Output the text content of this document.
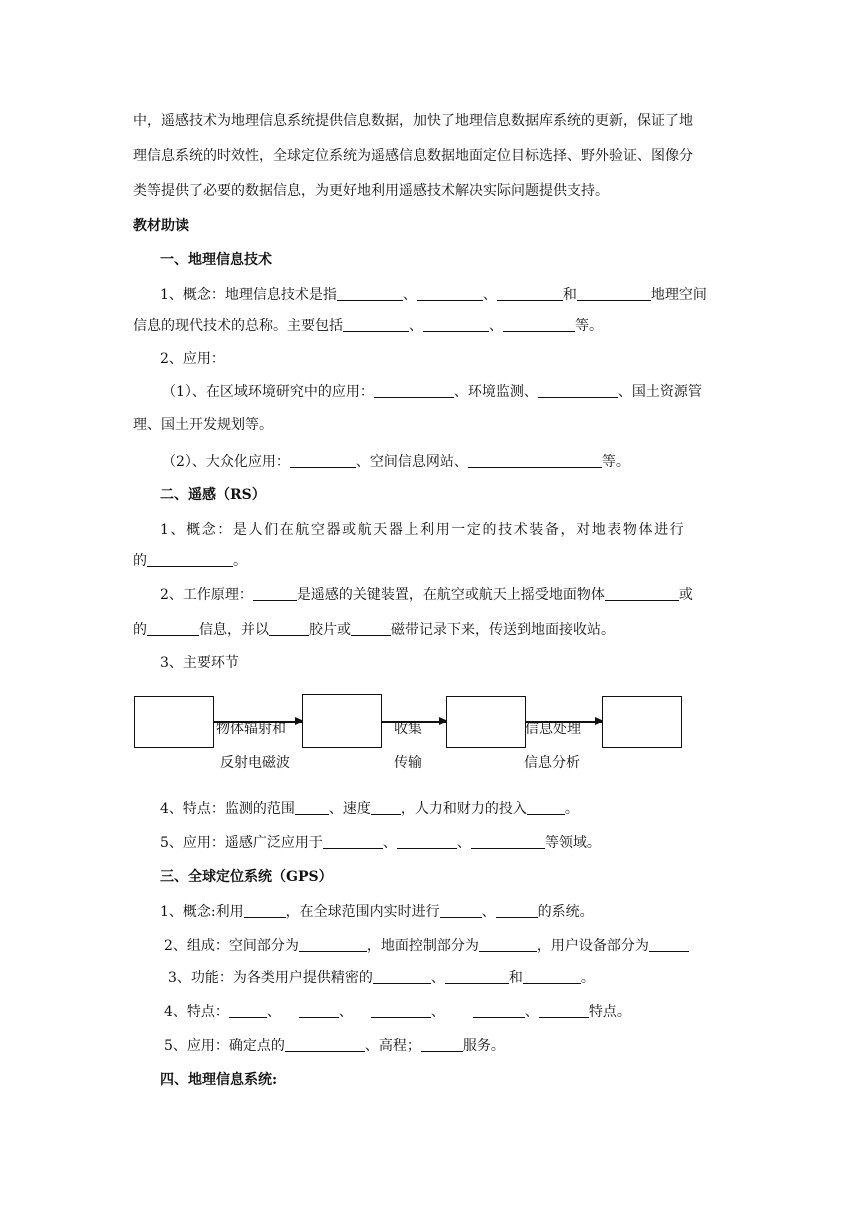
中，遥感技术为地理信息系统提供信息数据，加快了地理信息数据库系统的更新，保证了地
理信息系统的时效性，全球定位系统为遥感信息数据地面定位目标选择、野外验证、图像分
类等提供了必要的数据信息，为更好地利用遥感技术解决实际问题提供支持。
教材助读
一、地理信息技术
1、概念：地理信息技术是指	、	、	和	地理空间
信息的现代技术的总称。主要包括	、	、	等。
2、应用：
（1）、在区域环境研究中的应用：	、环境监测、	、国土资源管
理、国土开发规划等。
（2）、大众化应用：	、空间信息网站、	等。
二、遥感（RS）
1、概念：是人们在航空器或航天器上利用一定的技术装备，对地表物体进行
的	。
2、工作原理：	是遥感的关键装置，在航空或航天上摇受地面物体	或
的	信息，并以	胶片或	磁带记录下来，传送到地面接收站。
3、主要环节
物体辐射和
反射电磁波
收集
传输
信息处理
信息分析
4、特点：监测的范围 、速度 ，人力和财力的投入	。
5、应用：遥感广泛应用于	、	、	等领域。
三、全球定位系统（GPS）
1、概念:利用	，在全球范围内实时进行	、	的系统。
2、组成：空间部分为	，地面控制部分为	，用户设备部分为
3、功能：为各类用户提供精密的	、	和	。
4、特点：	、	、	、	、	特点。
5、应用：确定点的	、高程；	服务。
四、地理信息系统:
